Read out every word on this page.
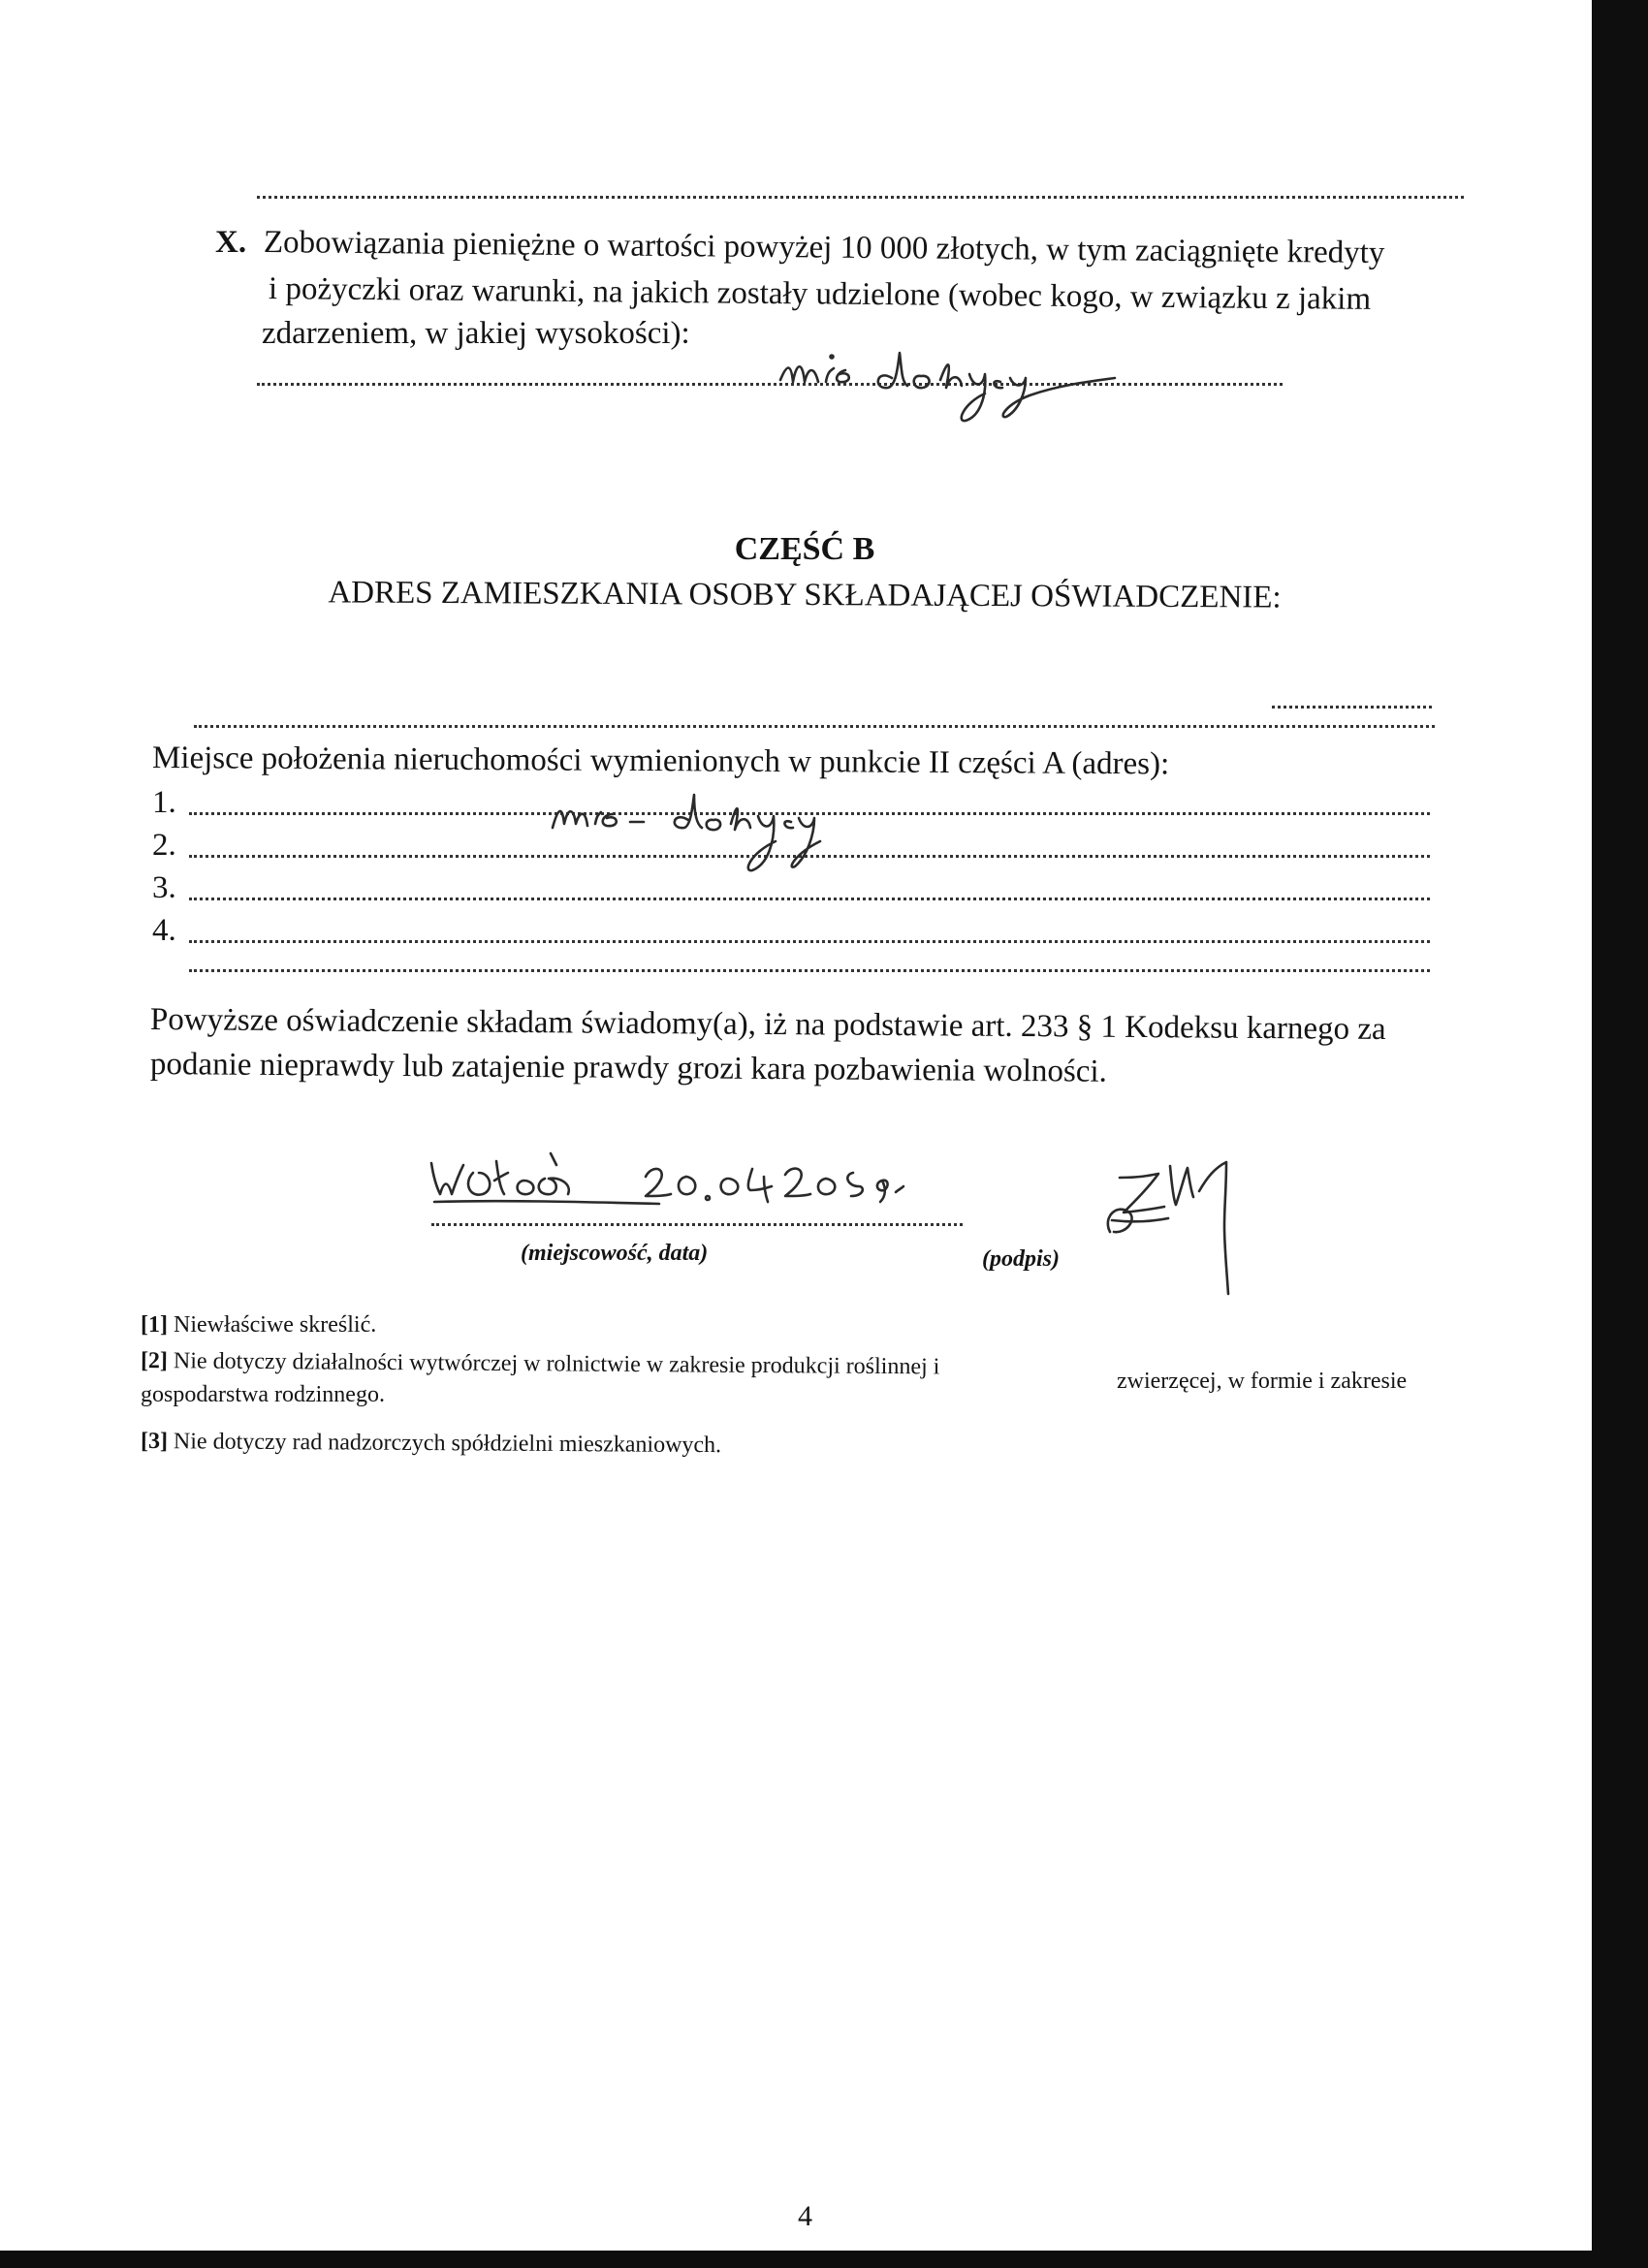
X. Zobowiązania pieniężne o wartości powyżej 10 000 złotych, w tym zaciągnięte kredyty
i pożyczki oraz warunki, na jakich zostały udzielone (wobec kogo, w związku z jakim
zdarzeniem, w jakiej wysokości):
CZĘŚĆ B
ADRES ZAMIESZKANIA OSOBY SKŁADAJĄCEJ OŚWIADCZENIE:
Miejsce położenia nieruchomości wymienionych w punkcie II części A (adres):
1.
2.
3.
4.
Powyższe oświadczenie składam świadomy(a), iż na podstawie art. 233 § 1 Kodeksu karnego za
podanie nieprawdy lub zatajenie prawdy grozi kara pozbawienia wolności.
(miejscowość, data)	(podpis)
[1] Niewłaściwe skreślić.
[2] Nie dotyczy działalności wytwórczej w rolnictwie w zakresie produkcji roślinnej i
zwierzęcej, w formie i zakresie
gospodarstwa rodzinnego.
[3] Nie dotyczy rad nadzorczych spółdzielni mieszkaniowych.
4
